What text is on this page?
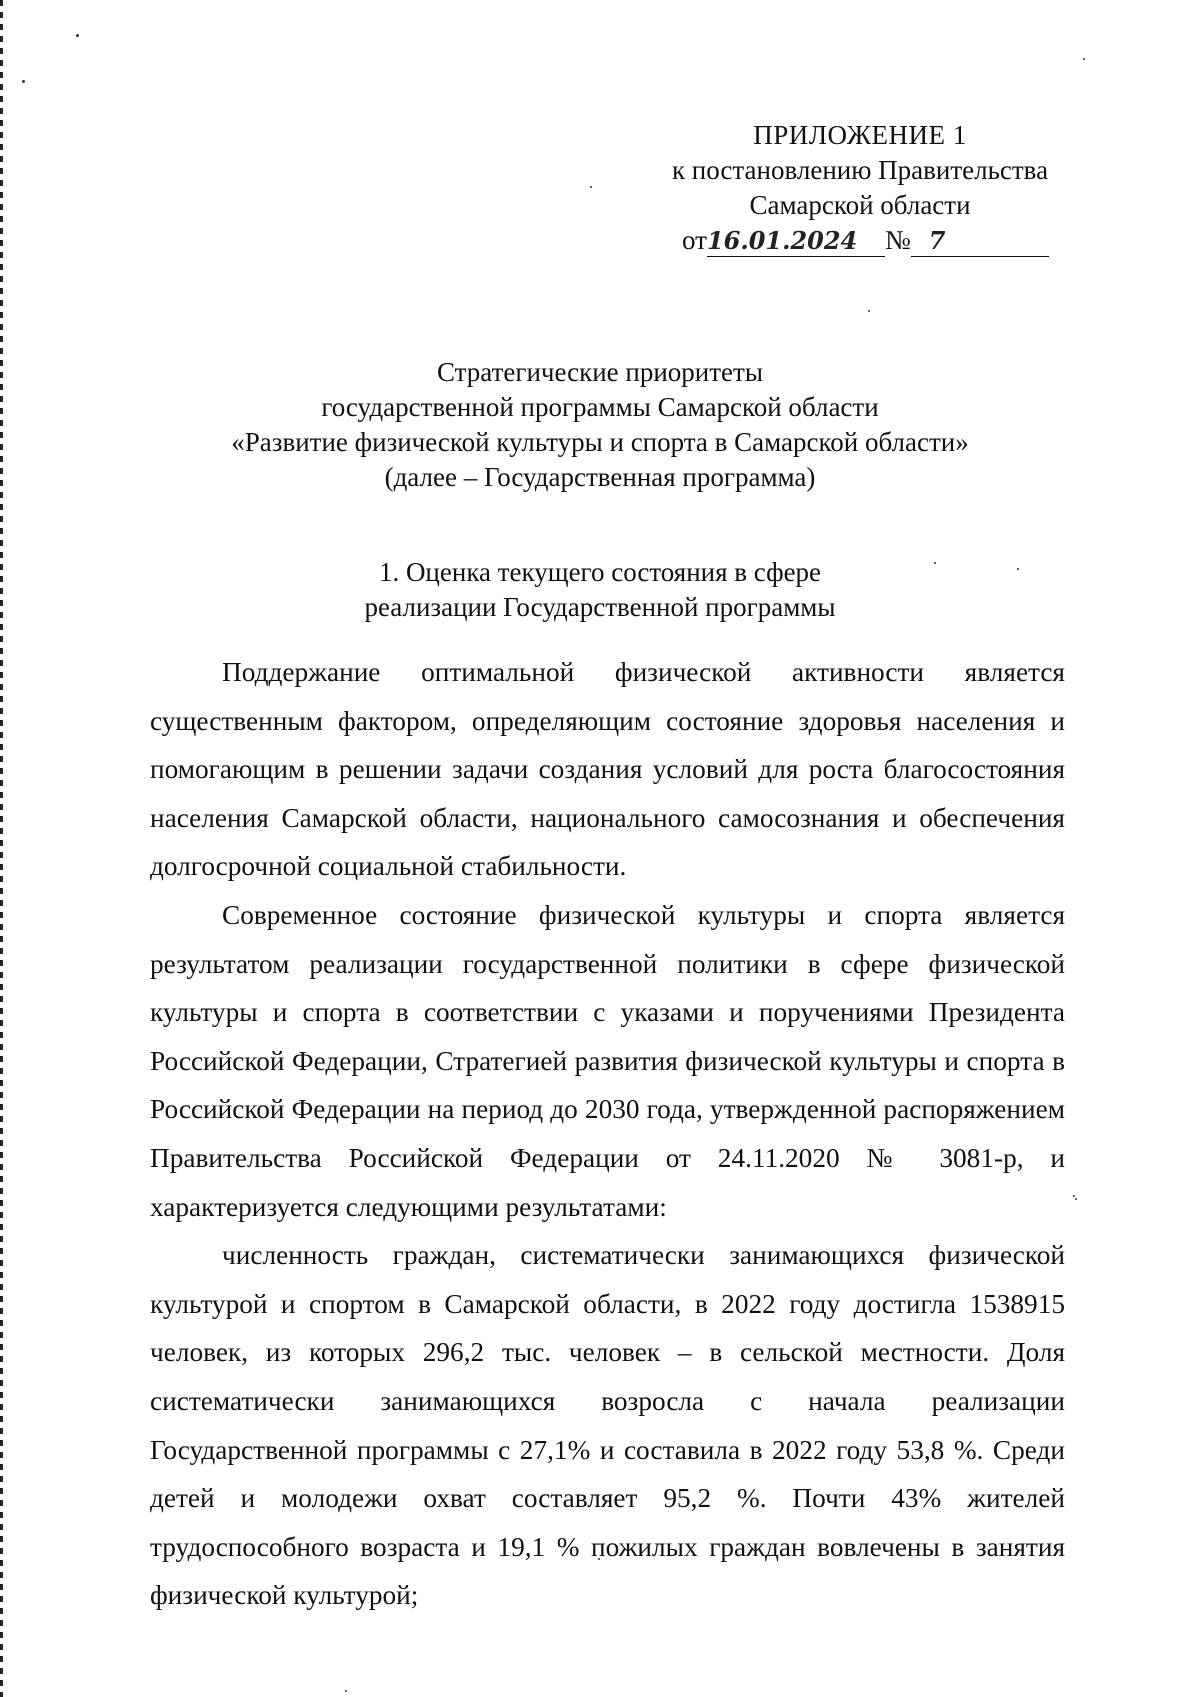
ПРИЛОЖЕНИЕ 1
к постановлению Правительства
Самарской области
от16.01.2024 № 7
Стратегические приоритеты
государственной программы Самарской области
«Развитие физической культуры и спорта в Самарской области»
(далее – Государственная программа)
1. Оценка текущего состояния в сфере
реализации Государственной программы

Поддержание оптимальной физической активности является существенным фактором, определяющим состояние здоровья населения и помогающим в решении задачи создания условий для роста благосостояния населения Самарской области, национального самосознания и обеспечения долгосрочной социальной стабильности.

Современное состояние физической культуры и спорта является результатом реализации государственной политики в сфере физической культуры и спорта в соответствии с указами и поручениями Президента Российской Федерации, Стратегией развития физической культуры и спорта в Российской Федерации на период до 2030 года, утвержденной распоряжением Правительства Российской Федерации от 24.11.2020 № 3081-р, и характеризуется следующими результатами:

численность граждан, систематически занимающихся физической культурой и спортом в Самарской области, в 2022 году достигла 1538915 человек, из которых 296,2 тыс. человек – в сельской местности. Доля систематически занимающихся возросла с начала реализации Государственной программы с 27,1% и составила в 2022 году 53,8 %. Среди детей и молодежи охват составляет 95,2 %. Почти 43% жителей трудоспособного возраста и 19,1 % пожилых граждан вовлечены в занятия физической культурой;
